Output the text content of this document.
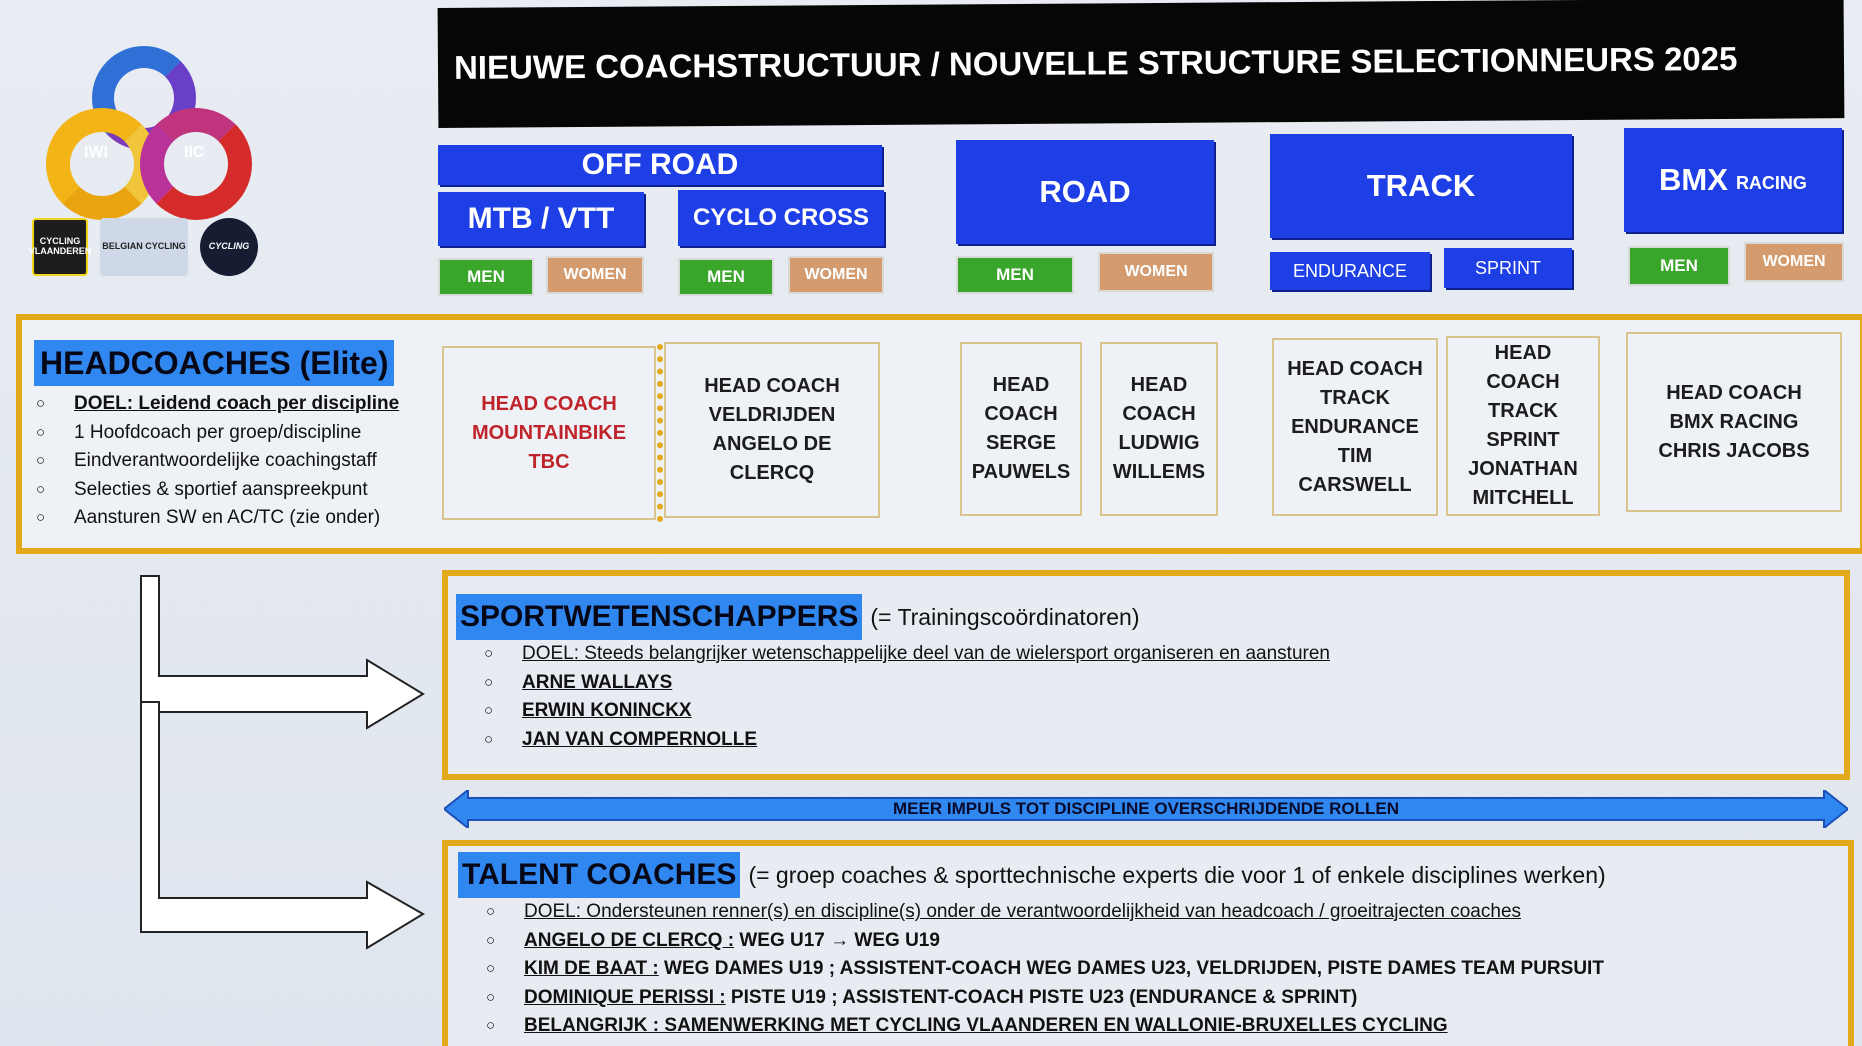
IWI	IIC
CYCLING VLAANDEREN BELGIAN CYCLING	CYCLING
NIEUWE COACHSTRUCTUUR / NOUVELLE STRUCTURE SELECTIONNEURS 2025
OFF ROAD
MTB / VTT	CYCLO CROSS
MEN	WOMEN	MEN	WOMEN
ROAD
MEN	WOMEN
TRACK
ENDURANCE	SPRINT
BMX RACING
MEN	WOMEN
HEADCOACHES (Elite)
○ DOEL: Leidend coach per discipline
○ 1 Hoofdcoach per groep/discipline
○ Eindverantwoordelijke coachingstaff
○ Selecties & sportief aanspreekpunt
○ Aansturen SW en AC/TC (zie onder)
HEAD COACH
MOUNTAINBIKE
TBC
HEAD COACH
VELDRIJDEN
ANGELO DE
CLERCQ
HEAD
COACH
SERGE
PAUWELS
HEAD
COACH
LUDWIG
WILLEMS
HEAD COACH
TRACK
ENDURANCE
TIM
CARSWELL
HEAD
COACH
TRACK
SPRINT
JONATHAN
MITCHELL
HEAD COACH
BMX RACING
CHRIS JACOBS
SPORTWETENSCHAPPERS (= Trainingscoördinatoren)
○ DOEL: Steeds belangrijker wetenschappelijke deel van de wielersport organiseren en aansturen
○ ARNE WALLAYS
○ ERWIN KONINCKX
○ JAN VAN COMPERNOLLE
MEER IMPULS TOT DISCIPLINE OVERSCHRIJDENDE ROLLEN
TALENT COACHES (= groep coaches & sporttechnische experts die voor 1 of enkele disciplines werken)
○ DOEL: Ondersteunen renner(s) en discipline(s) onder de verantwoordelijkheid van headcoach / groeitrajecten coaches
○ ANGELO DE CLERCQ : WEG U17 → WEG U19
○ KIM DE BAAT : WEG DAMES U19 ; ASSISTENT-COACH WEG DAMES U23, VELDRIJDEN, PISTE DAMES TEAM PURSUIT
○ DOMINIQUE PERISSI : PISTE U19 ; ASSISTENT-COACH PISTE U23 (ENDURANCE & SPRINT)
○ BELANGRIJK : SAMENWERKING MET CYCLING VLAANDEREN EN WALLONIE-BRUXELLES CYCLING
